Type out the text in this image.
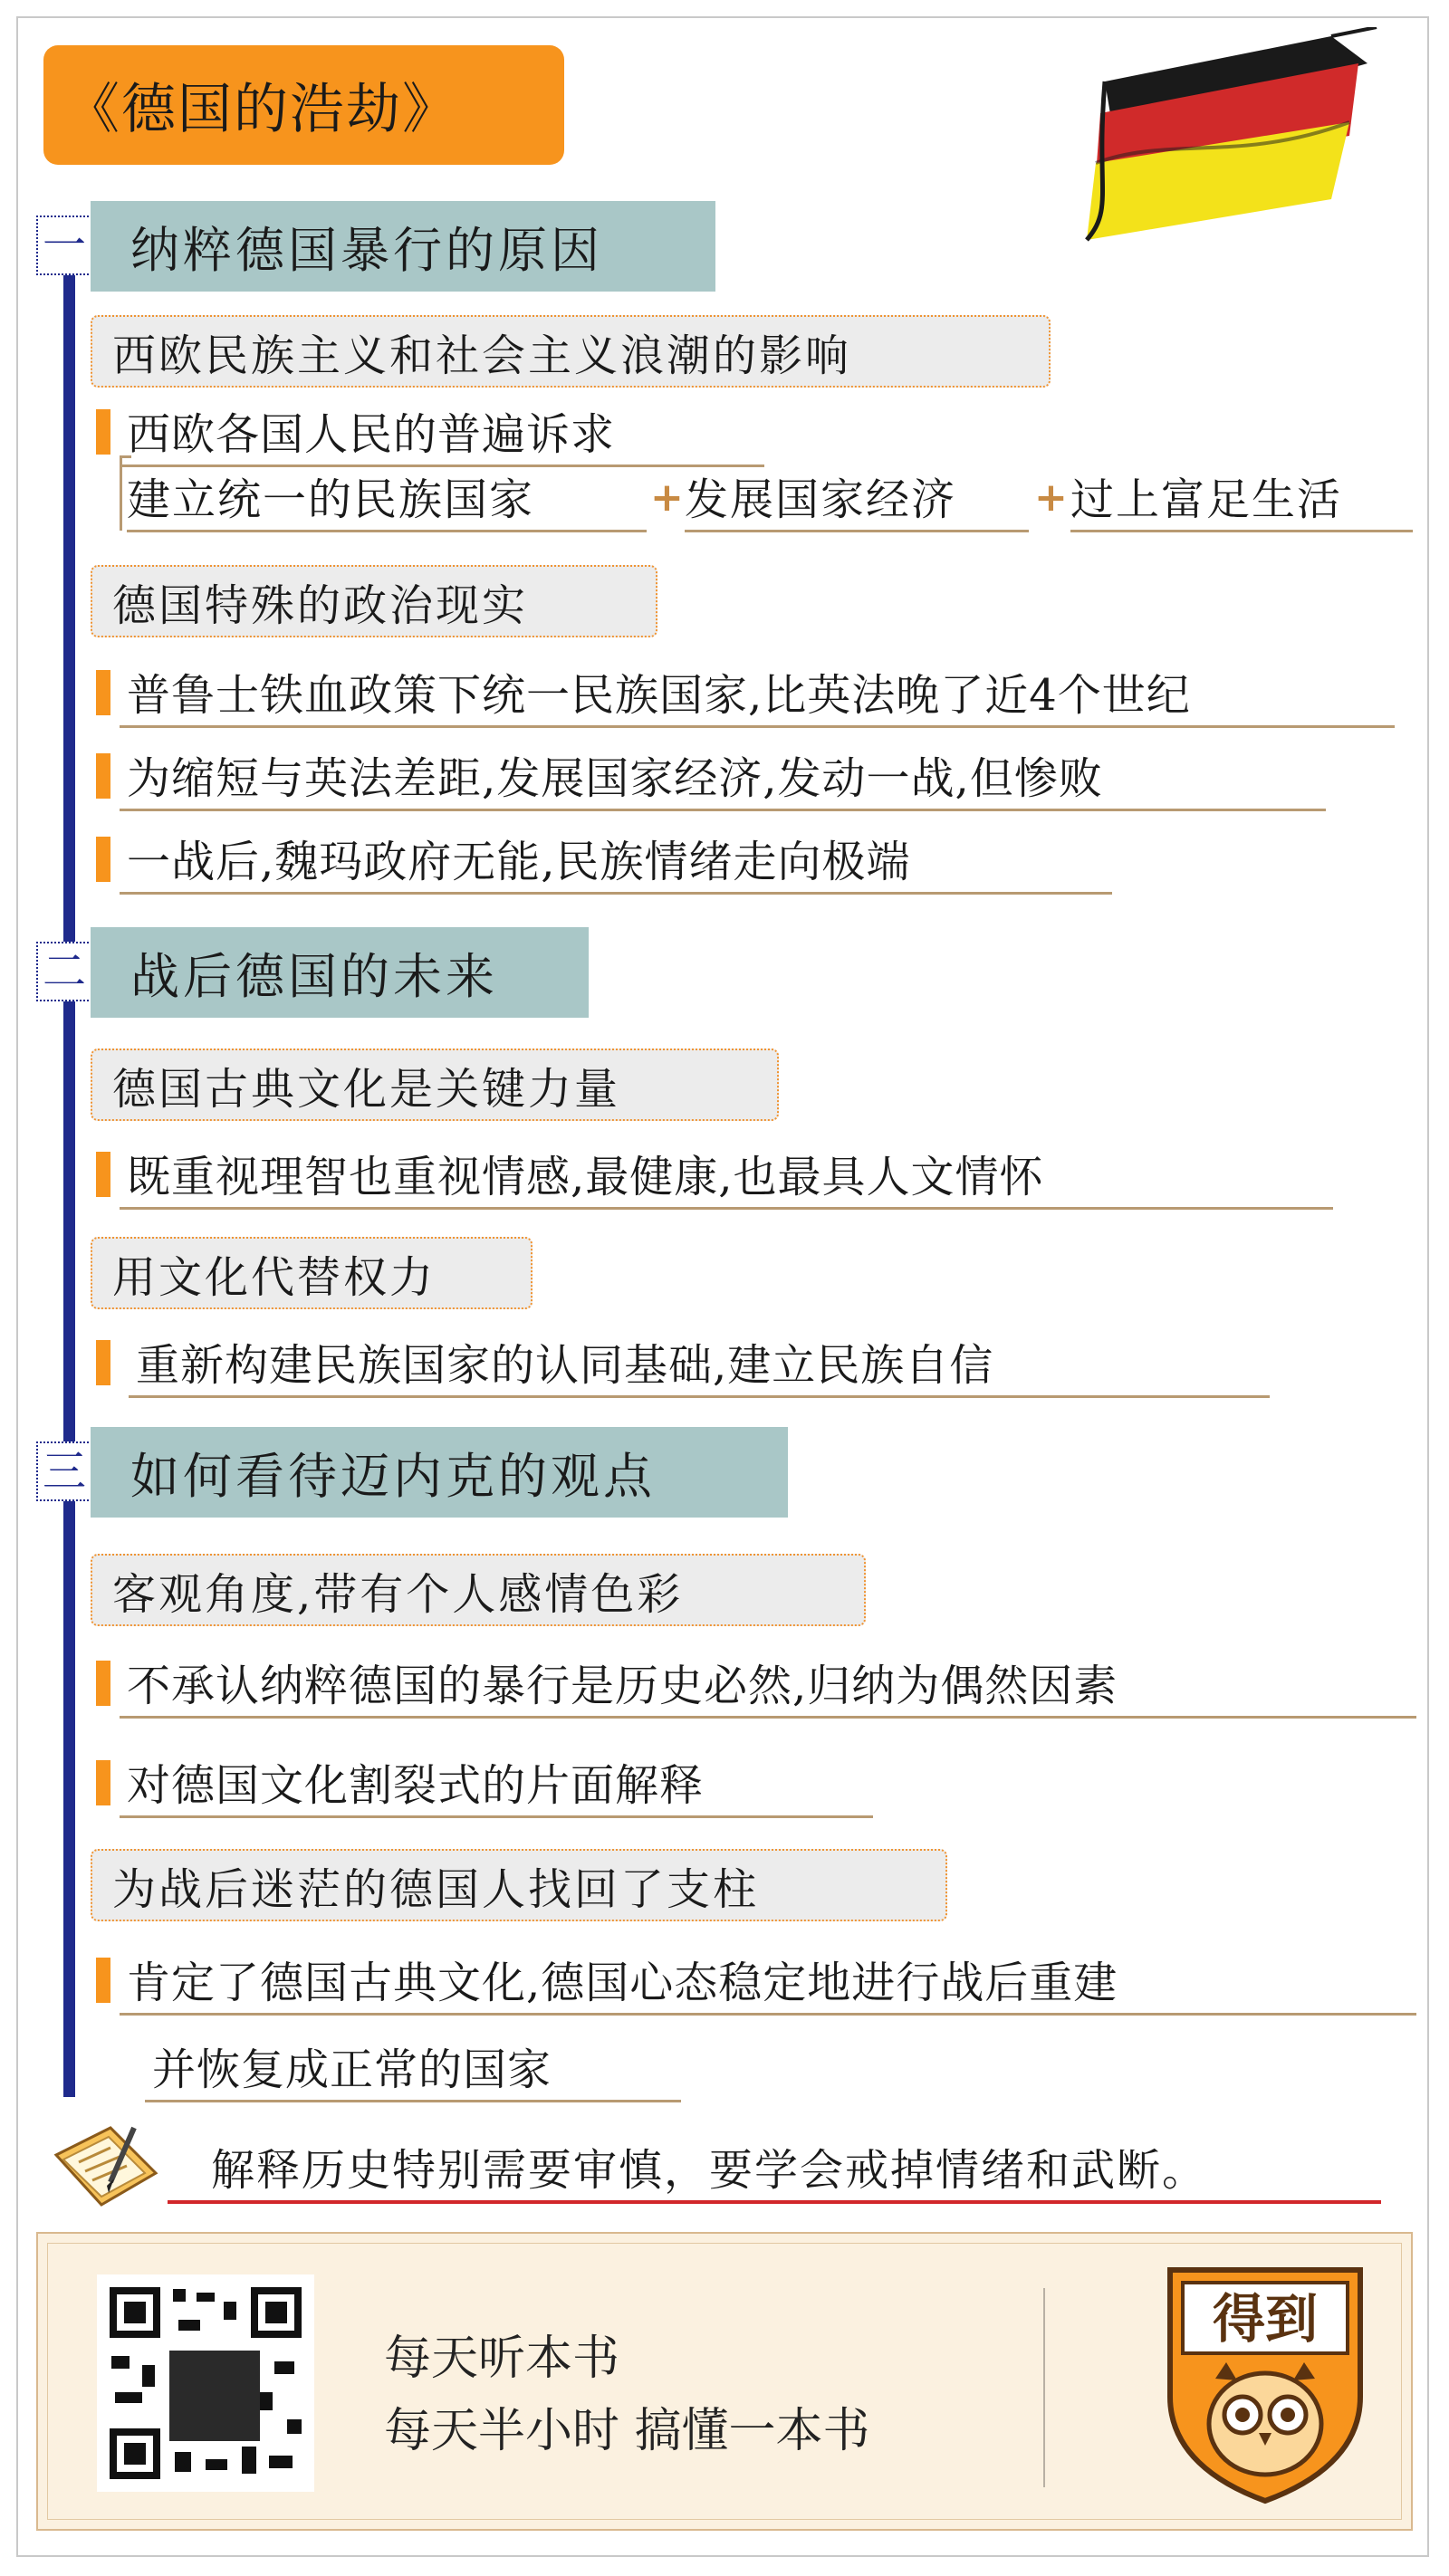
《德国的浩劫》
一 纳粹德国暴行的原因
西欧民族主义和社会主义浪潮的影响
西欧各国人民的普遍诉求
建立统一的民族国家	+ 发展国家经济	+ 过上富足生活
德国特殊的政治现实
普鲁士铁血政策下统一民族国家,比英法晚了近4个世纪
为缩短与英法差距,发展国家经济,发动一战,但惨败
一战后,魏玛政府无能,民族情绪走向极端
二 战后德国的未来
德国古典文化是关键力量
既重视理智也重视情感,最健康,也最具人文情怀
用文化代替权力
重新构建民族国家的认同基础,建立民族自信
三 如何看待迈内克的观点
客观角度,带有个人感情色彩
不承认纳粹德国的暴行是历史必然,归纳为偶然因素
对德国文化割裂式的片面解释
为战后迷茫的德国人找回了支柱
肯定了德国古典文化,德国心态稳定地进行战后重建
并恢复成正常的国家
解释历史特别需要审慎，要学会戒掉情绪和武断。
每天听本书
每天半小时 搞懂一本书
得到
